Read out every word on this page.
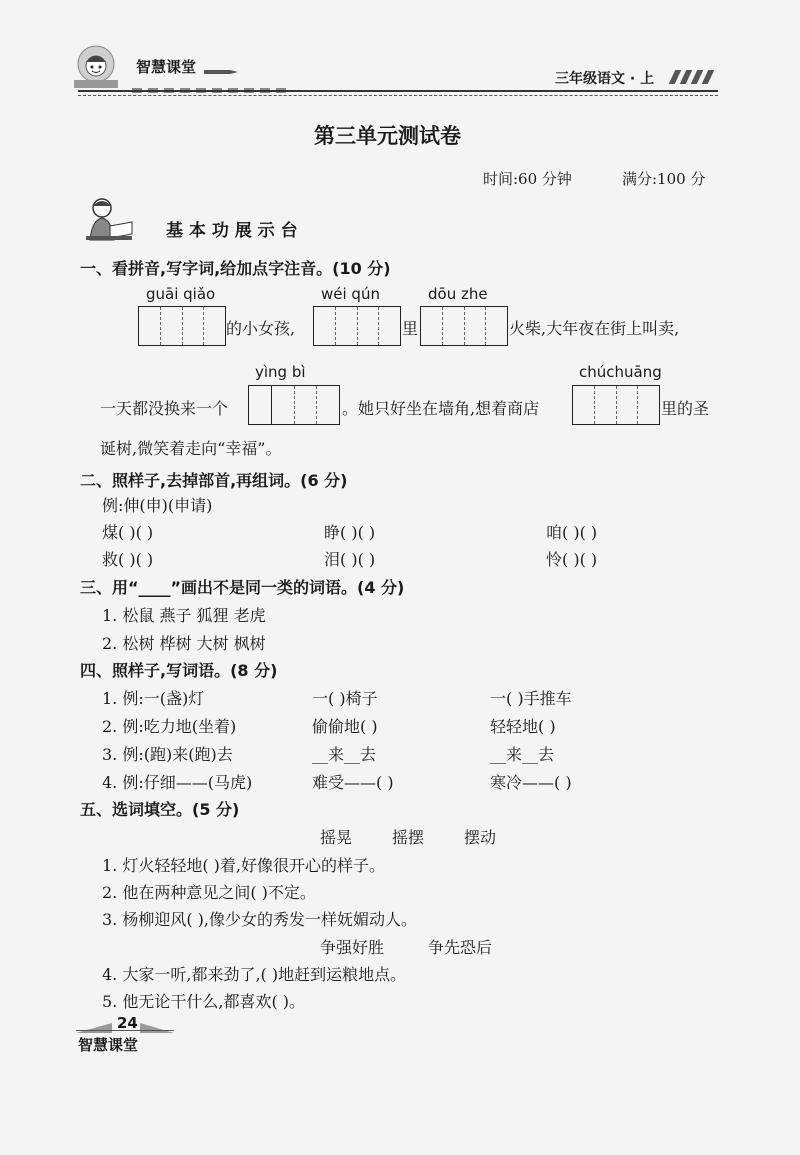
智慧课堂
三年级语文 · 上
第三单元测试卷
时间:60 分钟	满分:100 分
基 本 功 展 示 台
一、看拼音,写字词,给加点字注音。(10 分)
guāi qiǎo	wéi qún	dōu zhe
的小女孩,	里	火柴,大年夜在街上叫卖,
yìng bì	chúchuāng
一天都没换来一个	。她只好坐在墙角,想着商店	里的圣
诞树,微笑着走向“幸福”。
二、照样子,去掉部首,再组词。(6 分)
例:伸(申)(申请)
煤( )( )	睁( )( )	咱( )( )
救( )( )	泪( )( )	怜( )( )
三、用“____”画出不是同一类的词语。(4 分)
1. 松鼠 燕子 狐狸 老虎
2. 松树 桦树 大树 枫树
四、照样子,写词语。(8 分)
1. 例:一(盏)灯	一( )椅子	一( )手推车
2. 例:吃力地(坐着)	偷偷地( )	轻轻地( )
3. 例:(跑)来(跑)去	__来__去	__来__去
4. 例:仔细——(马虎)	难受——( )	寒冷——( )
五、选词填空。(5 分)
摇晃 摇摆 摆动
1. 灯火轻轻地( )着,好像很开心的样子。
2. 他在两种意见之间( )不定。
3. 杨柳迎风( ),像少女的秀发一样妩媚动人。
争强好胜	争先恐后
4. 大家一听,都来劲了,( )地赶到运粮地点。
5. 他无论干什么,都喜欢( )。
24
智慧课堂
